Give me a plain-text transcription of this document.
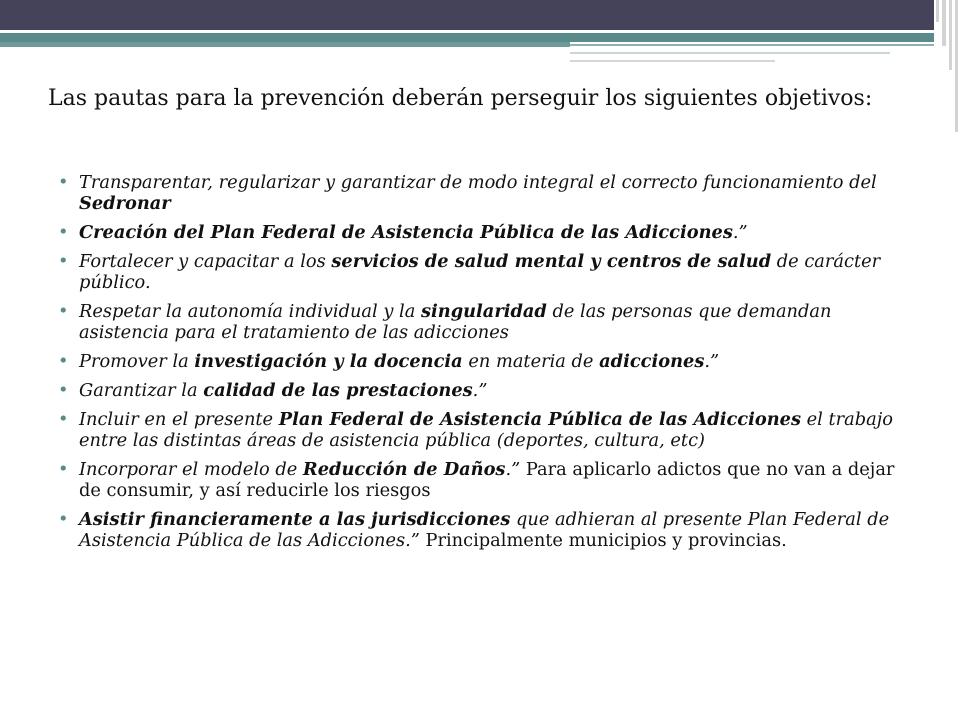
Las pautas para la prevención deberán perseguir los siguientes objetivos:
• Transparentar, regularizar y garantizar de modo integral el correcto funcionamiento del Sedronar
• Creación del Plan Federal de Asistencia Pública de las Adicciones.”
• Fortalecer y capacitar a los servicios de salud mental y centros de salud de carácter público.
• Respetar la autonomía individual y la singularidad de las personas que demandan asistencia para el tratamiento de las adicciones
• Promover la investigación y la docencia en materia de adicciones.”
• Garantizar la calidad de las prestaciones.”
• Incluir en el presente Plan Federal de Asistencia Pública de las Adicciones el trabajo entre las distintas áreas de asistencia pública (deportes, cultura, etc)
• Incorporar el modelo de Reducción de Daños.” Para aplicarlo adictos que no van a dejar de consumir, y así reducirle los riesgos
• Asistir financieramente a las jurisdicciones que adhieran al presente Plan Federal de Asistencia Pública de las Adicciones.” Principalmente municipios y provincias.
